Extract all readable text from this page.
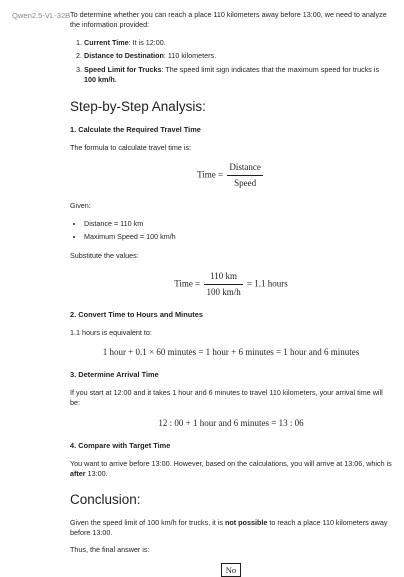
Qwen2.5-VL-32B To determine whether you can reach a place 110 kilometers away before 13:00, we need to analyze the information provided:

1. Current Time: It is 12:00.
2. Distance to Destination: 110 kilometers.
3. Speed Limit for Trucks: The speed limit sign indicates that the maximum speed for trucks is 100 km/h.
Step-by-Step Analysis:
1. Calculate the Required Travel Time

The formula to calculate travel time is:

Time = $\frac{\text{Distance}}{\text{Speed}}$

Given:

• Distance = 110 km
• Maximum Speed = 100 km/h

Substitute the values:

Time = $\frac{110 km}{100 km/h} = 1.1$ hours
2. Convert Time to Hours and Minutes

1.1 hours is equivalent to:

1 hour + 0.1 × 60 minutes = 1 hour + 6 minutes = 1 hour and 6 minutes
3. Determine Arrival Time

If you start at 12:00 and it takes 1 hour and 6 minutes to travel 110 kilometers, your arrival time will be:

12 : 00 + 1 hour and 6 minutes = 13 : 06
4. Compare with Target Time

You want to arrive before 13:00. However, based on the calculations, you will arrive at 13:06, which is after 13:00.

Conclusion:

Given the speed limit of 100 km/h for trucks, it is not possible to reach a place 110 kilometers away before 13:00.

Thus, the final answer is:

No
